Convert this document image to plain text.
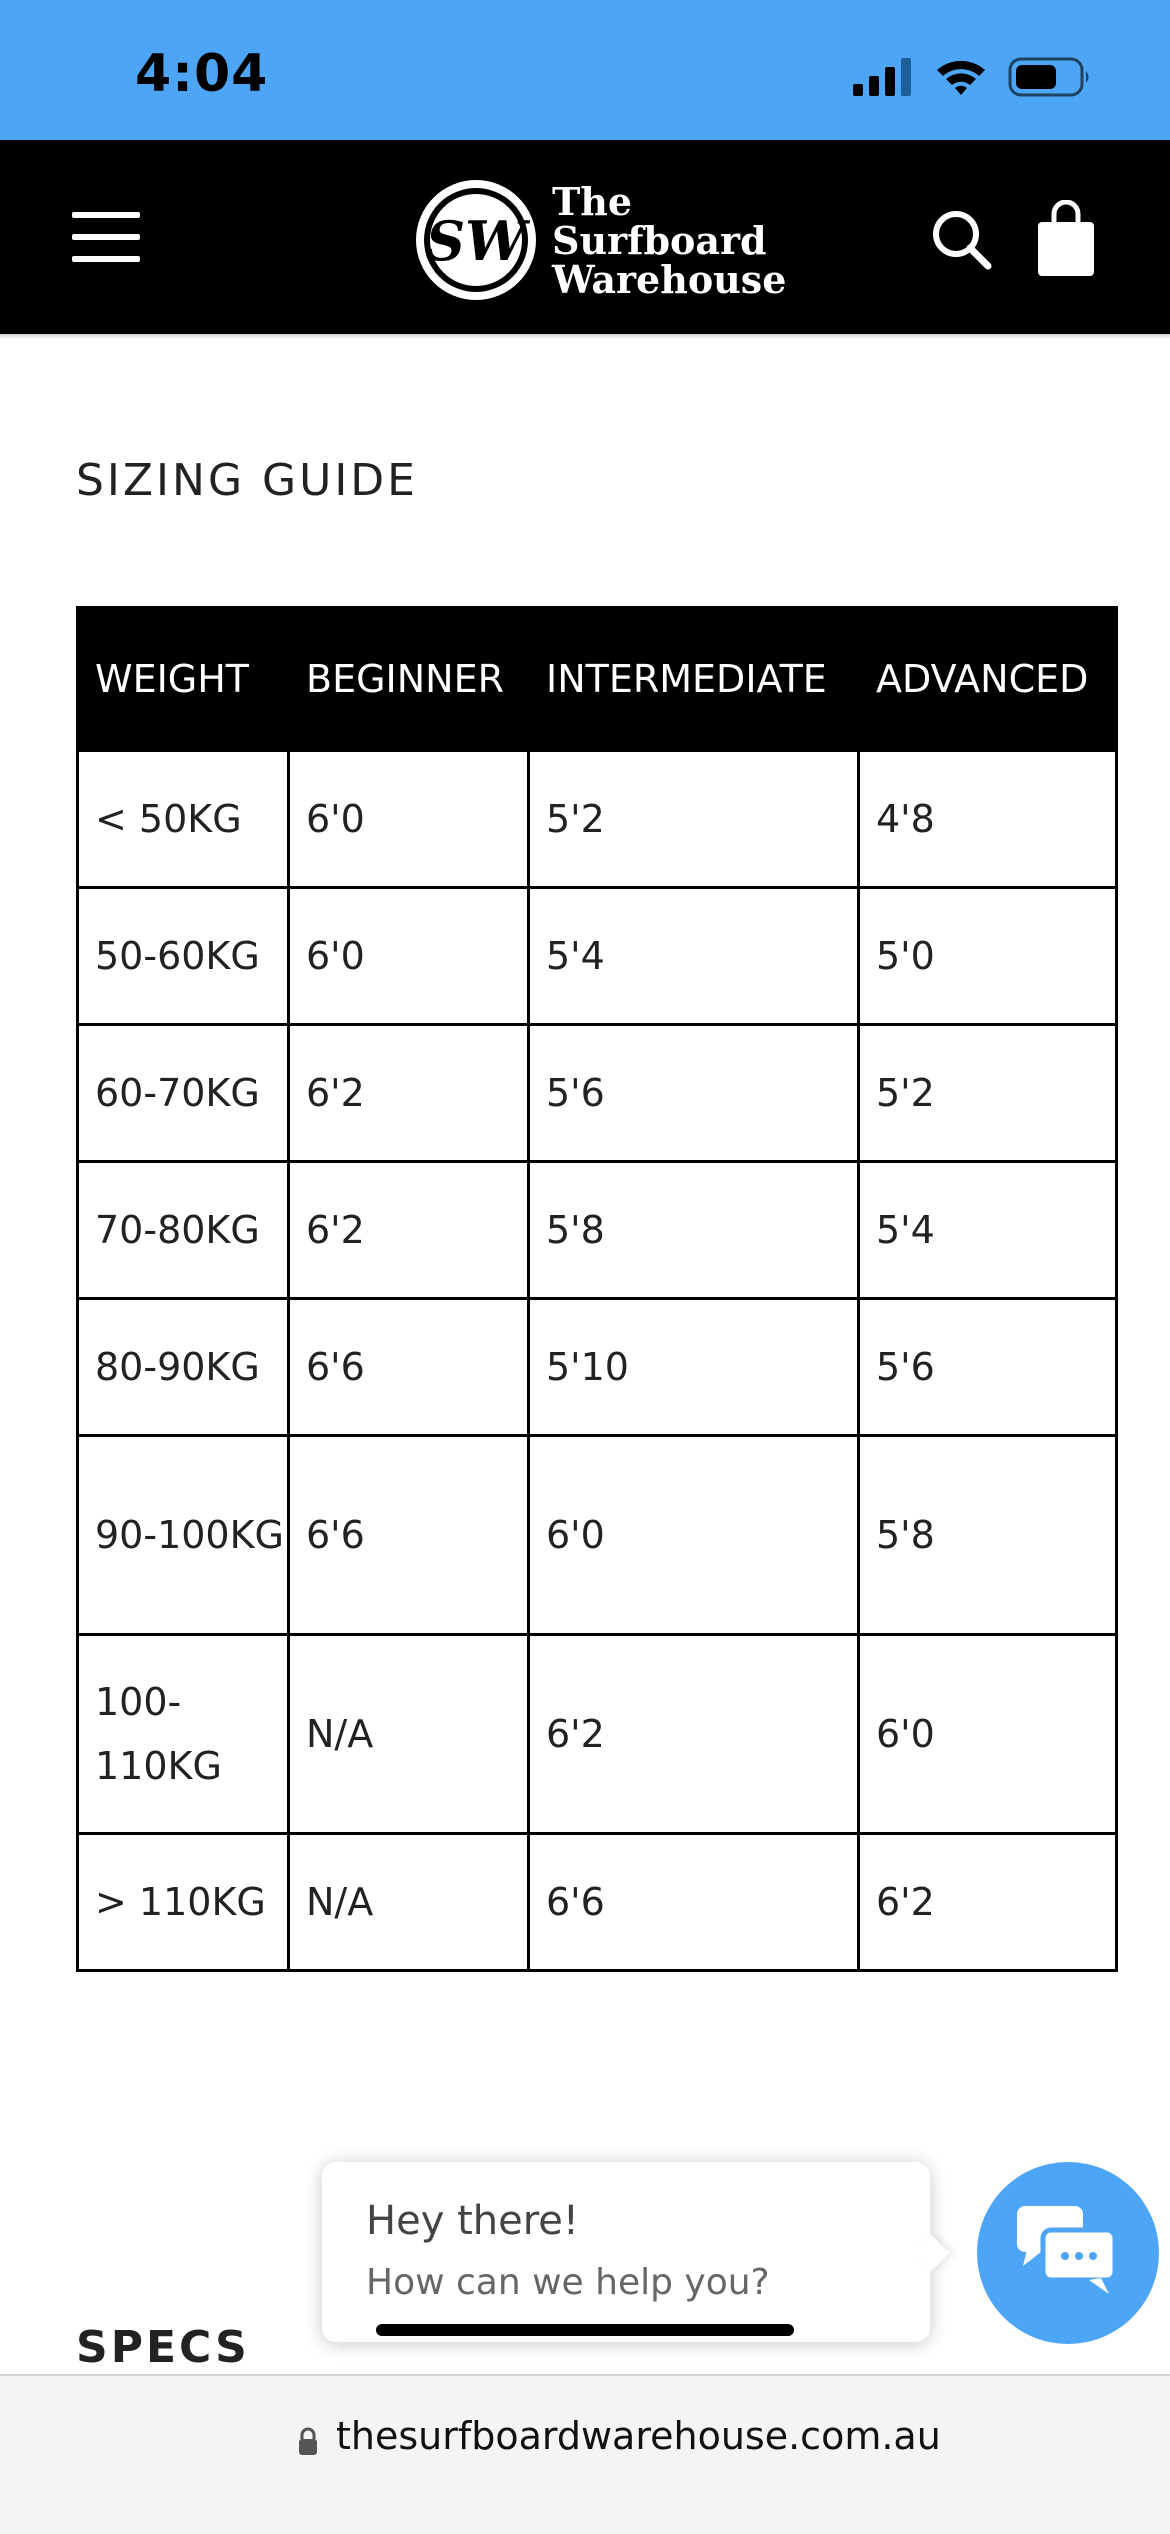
4:04
SW
The
Surfboard
Warehouse
SIZING GUIDE
WEIGHT	BEGINNER	INTERMEDIATE	ADVANCED
< 50KG	6'0	5'2	4'8
50-60KG	6'0	5'4	5'0
60-70KG	6'2	5'6	5'2
70-80KG	6'2	5'8	5'4
80-90KG	6'6	5'10	5'6
90-100KG	6'6	6'0	5'8
100-110KG	N/A	6'2	6'0
> 110KG	N/A	6'6	6'2
SPECS
Hey there!
How can we help you?
thesurfboardwarehouse.com.au
